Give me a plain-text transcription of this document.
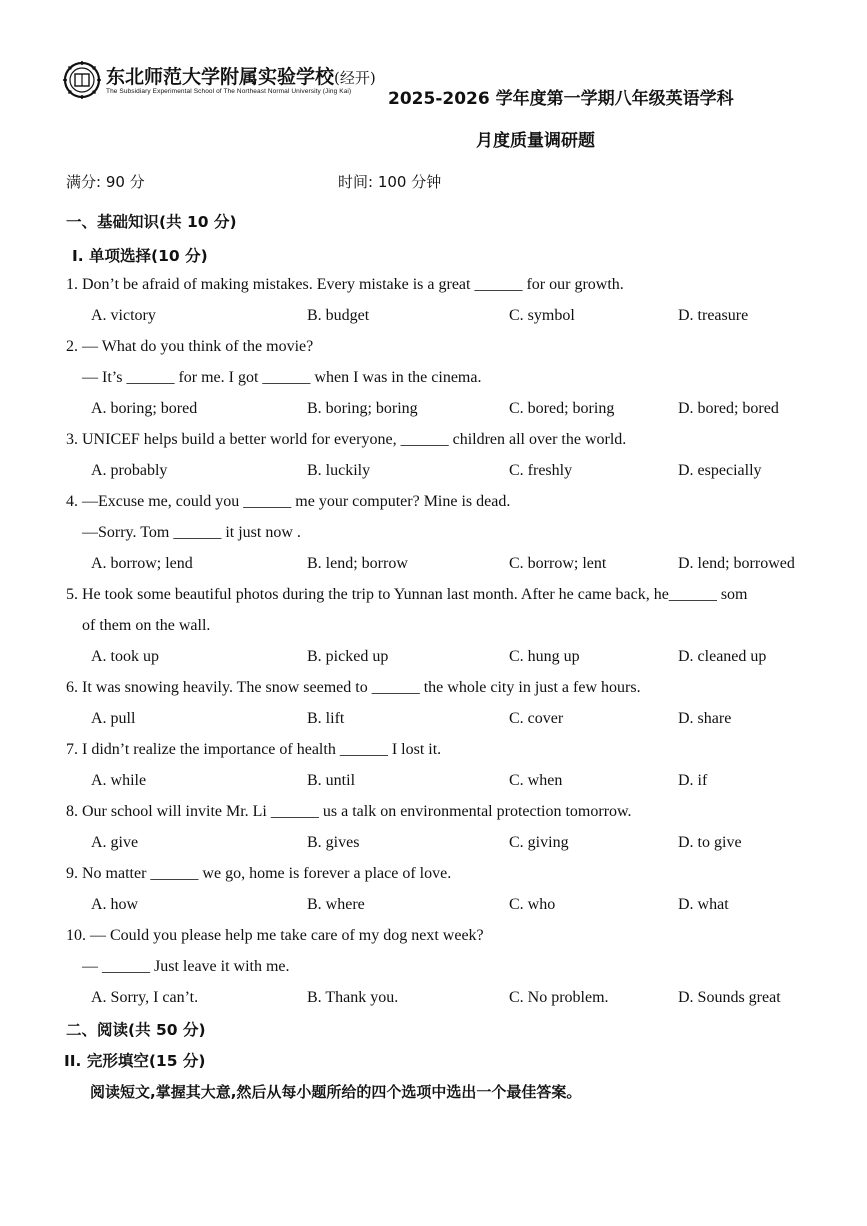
东北师范大学附属实验学校(经开)
The Subsidiary Experimental School of The Northeast Normal University (Jing Kai) 2025-2026 学年度第一学期八年级英语学科
月度质量调研题
满分: 90 分	时间: 100 分钟
一、基础知识(共 10 分)
I. 单项选择(10 分)
1. Don’t be afraid of making mistakes. Every mistake is a great ______ for our growth.
A. victory	B. budget	C. symbol	D. treasure
2. — What do you think of the movie?
— It’s ______ for me. I got ______ when I was in the cinema.
A. boring; bored	B. boring; boring	C. bored; boring	D. bored; bored
3. UNICEF helps build a better world for everyone, ______ children all over the world.
A. probably	B. luckily	C. freshly	D. especially
4. —Excuse me, could you ______ me your computer? Mine is dead.
—Sorry. Tom ______ it just now .
A. borrow; lend	B. lend; borrow	C. borrow; lent	D. lend; borrowed
5. He took some beautiful photos during the trip to Yunnan last month. After he came back, he______ som
of them on the wall.
A. took up	B. picked up	C. hung up	D. cleaned up
6. It was snowing heavily. The snow seemed to ______ the whole city in just a few hours.
A. pull	B. lift	C. cover	D. share
7. I didn’t realize the importance of health ______ I lost it.
A. while	B. until	C. when	D. if
8. Our school will invite Mr. Li ______ us a talk on environmental protection tomorrow.
A. give	B. gives	C. giving	D. to give
9. No matter ______ we go, home is forever a place of love.
A. how	B. where	C. who	D. what
10. — Could you please help me take care of my dog next week?
— ______ Just leave it with me.
A. Sorry, I can’t.	B. Thank you.	C. No problem.	D. Sounds great
二、阅读(共 50 分)
II. 完形填空(15 分)
阅读短文,掌握其大意,然后从每小题所给的四个选项中选出一个最佳答案。
